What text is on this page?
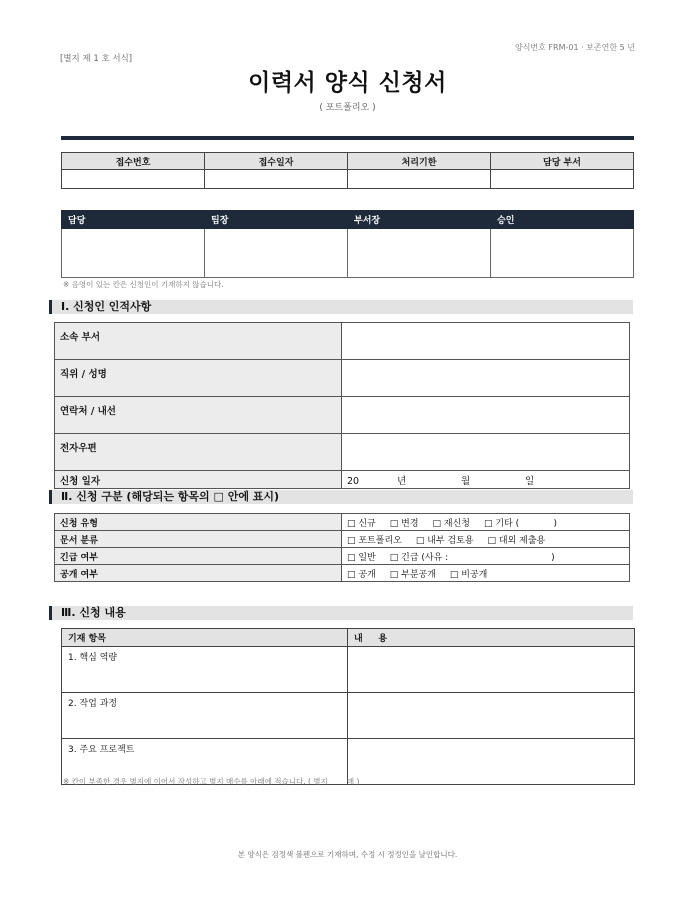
[별지 제 1 호 서식]
양식번호 FRM-01 · 보존연한 5 년
이력서 양식 신청서
( 포트폴리오 )
접수번호	접수일자	처리기한	담당 부서

담당	팀장	부서장	승인

※ 음영이 있는 칸은 신청인이 기재하지 않습니다.
Ⅰ. 신청인 인적사항
소속 부서	
직위 / 성명	
연락처 / 내선	
전자우편	
신청 일자	20 년 월 일
Ⅱ. 신청 구분 (해당되는 항목의 □ 안에 표시)
신청 유형	□ 신규 □ 변경 □ 재신청 □ 기타 (            )
문서 분류	□ 포트폴리오 □ 내부 검토용 □ 대외 제출용
긴급 여부	□ 일반 □ 긴급 (사유 :                                    )
공개 여부	□ 공개 □ 부분공개 □ 비공개
Ⅲ. 신청 내용
기재 항목	내     용
1. 핵심 역량	
2. 작업 과정	
3. 주요 프로젝트	
※ 칸이 부족한 경우 별지에 이어서 작성하고 별지 매수를 아래에 적습니다. ( 별지        매 )
본 양식은 검정색 볼펜으로 기재하며, 수정 시 정정인을 날인합니다.
